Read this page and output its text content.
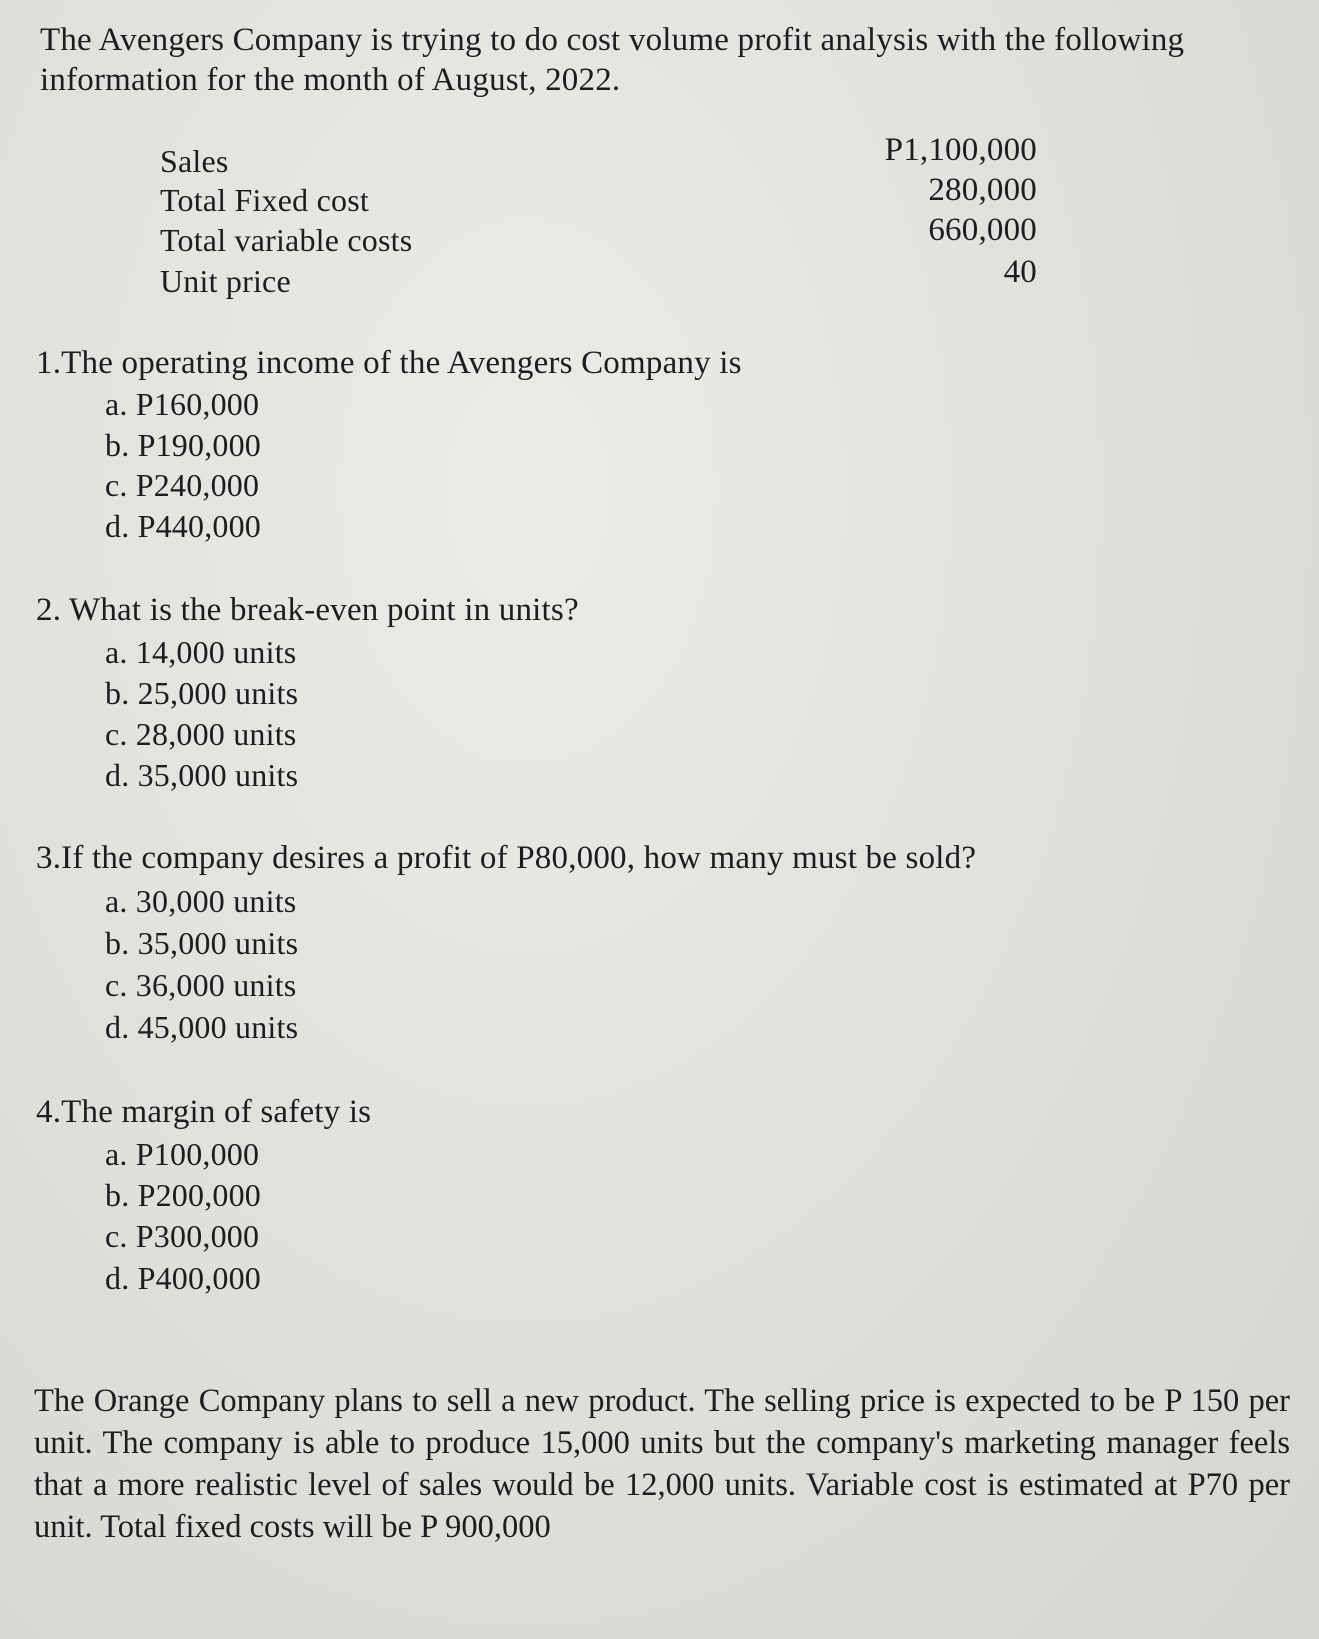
The Avengers Company is trying to do cost volume profit analysis with the following information for the month of August, 2022.
Sales	P1,100,000
Total Fixed cost	280,000
Total variable costs	660,000
Unit price	40
1.The operating income of the Avengers Company is
a. P160,000
b. P190,000
c. P240,000
d. P440,000
2. What is the break-even point in units?
a. 14,000 units
b. 25,000 units
c. 28,000 units
d. 35,000 units
3.If the company desires a profit of P80,000, how many must be sold?
a. 30,000 units
b. 35,000 units
c. 36,000 units
d. 45,000 units
4.The margin of safety is
a. P100,000
b. P200,000
c. P300,000
d. P400,000
The Orange Company plans to sell a new product. The selling price is expected to be P 150 per unit. The company is able to produce 15,000 units but the company's marketing manager feels that a more realistic level of sales would be 12,000 units. Variable cost is estimated at P70 per unit. Total fixed costs will be P 900,000
